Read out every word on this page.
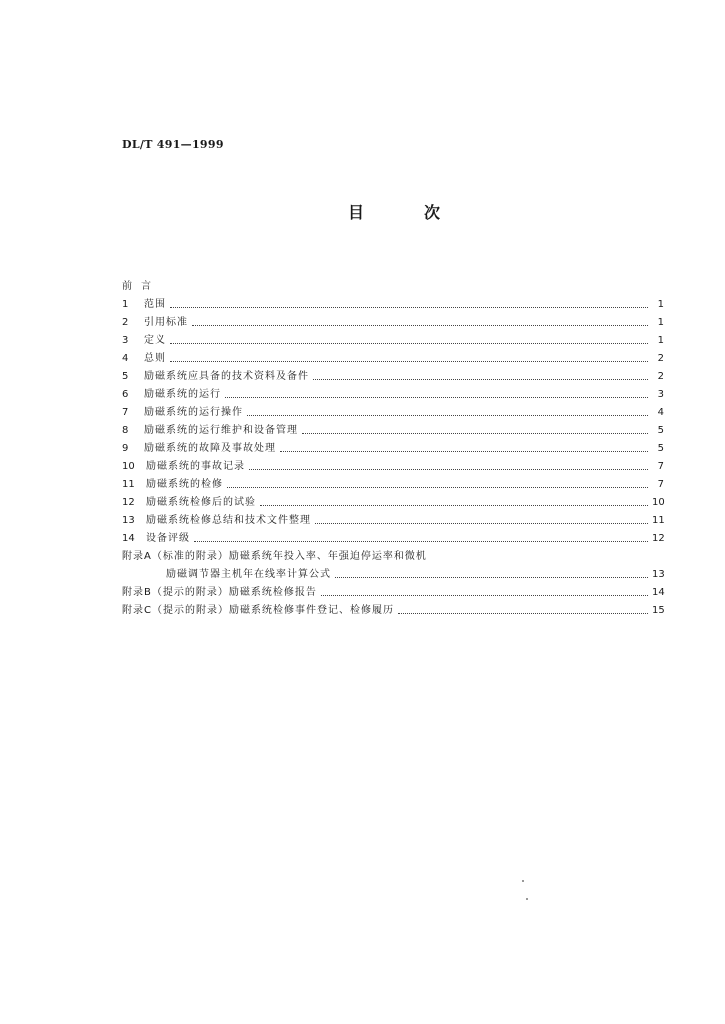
DL/T 491—1999
目	次
前言
1	范围	1
2	引用标准	1
3	定义	1
4	总则	2
5	励磁系统应具备的技术资料及备件	2
6	励磁系统的运行	3
7	励磁系统的运行操作	4
8	励磁系统的运行维护和设备管理	5
9	励磁系统的故障及事故处理	5
10	励磁系统的事故记录	7
11	励磁系统的检修	7
12	励磁系统检修后的试验	10
13	励磁系统检修总结和技术文件整理	11
14	设备评级	12
附录A（标准的附录）励磁系统年投入率、年强迫停运率和微机
励磁调节器主机年在线率计算公式	13
附录B（提示的附录）励磁系统检修报告	14
附录C（提示的附录）励磁系统检修事件登记、检修履历	15
